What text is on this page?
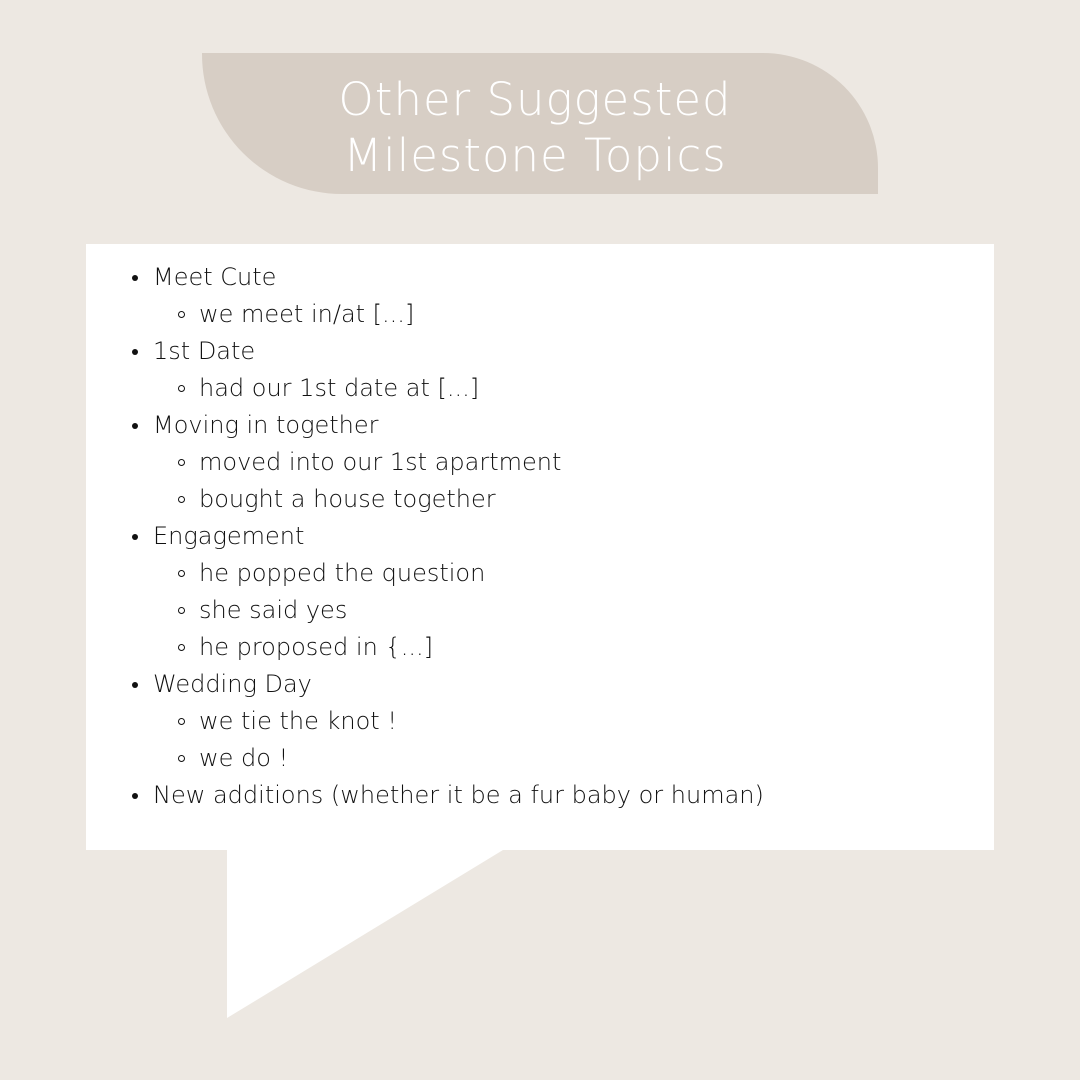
Other Suggested
Milestone Topics
Meet Cute
we meet in/at [...]
1st Date
had our 1st date at [...]
Moving in together
moved into our 1st apartment
bought a house together
Engagement
he popped the question
she said yes
he proposed in {...]
Wedding Day
we tie the knot !
we do !
New additions (whether it be a fur baby or human)
